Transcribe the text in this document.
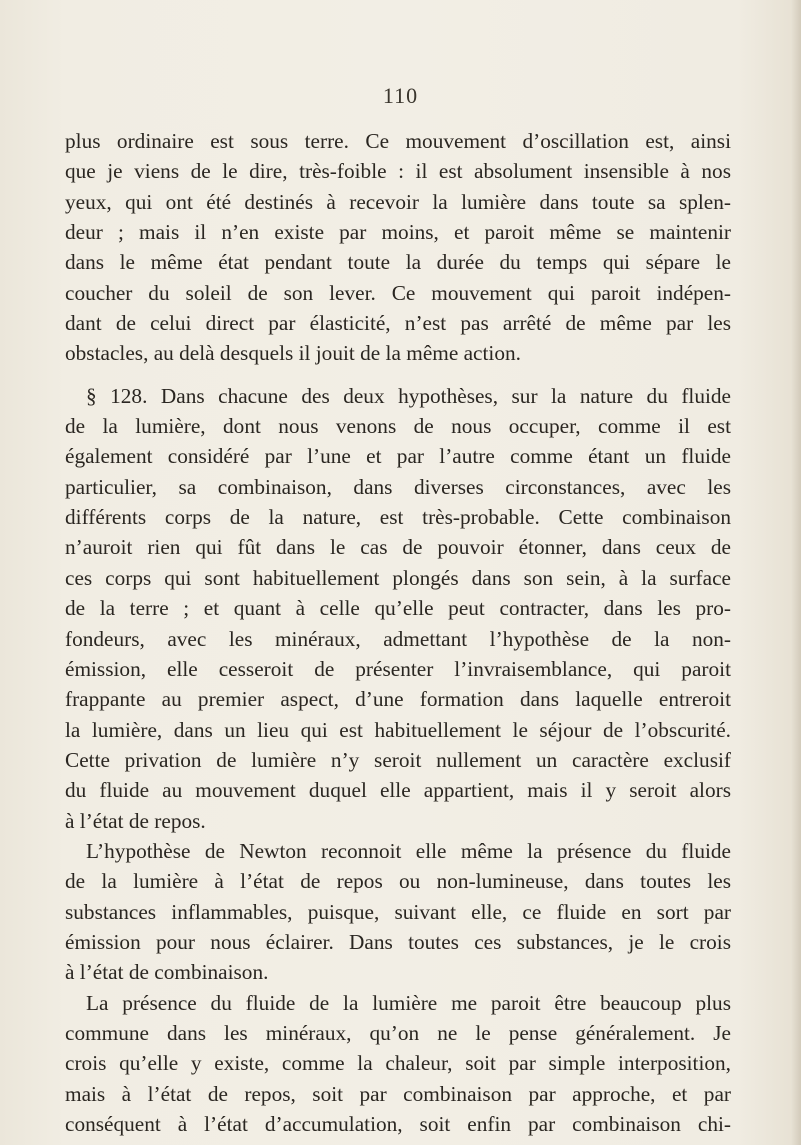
110
plus ordinaire est sous terre. Ce mouvement d’oscillation est, ainsi
que je viens de le dire, très-foible : il est absolument insensible à nos
yeux, qui ont été destinés à recevoir la lumière dans toute sa splen-
deur ; mais il n’en existe par moins, et paroit même se maintenir
dans le même état pendant toute la durée du temps qui sépare le
coucher du soleil de son lever. Ce mouvement qui paroit indépen-
dant de celui direct par élasticité, n’est pas arrêté de même par les
obstacles, au delà desquels il jouit de la même action.
§ 128. Dans chacune des deux hypothèses, sur la nature du fluide
de la lumière, dont nous venons de nous occuper, comme il est
également considéré par l’une et par l’autre comme étant un fluide
particulier, sa combinaison, dans diverses circonstances, avec les
différents corps de la nature, est très-probable. Cette combinaison
n’auroit rien qui fût dans le cas de pouvoir étonner, dans ceux de
ces corps qui sont habituellement plongés dans son sein, à la surface
de la terre ; et quant à celle qu’elle peut contracter, dans les pro-
fondeurs, avec les minéraux, admettant l’hypothèse de la non-
émission, elle cesseroit de présenter l’invraisemblance, qui paroit
frappante au premier aspect, d’une formation dans laquelle entreroit
la lumière, dans un lieu qui est habituellement le séjour de l’obscurité.
Cette privation de lumière n’y seroit nullement un caractère exclusif
du fluide au mouvement duquel elle appartient, mais il y seroit alors
à l’état de repos.
L’hypothèse de Newton reconnoit elle même la présence du fluide
de la lumière à l’état de repos ou non-lumineuse, dans toutes les
substances inflammables, puisque, suivant elle, ce fluide en sort par
émission pour nous éclairer. Dans toutes ces substances, je le crois
à l’état de combinaison.
La présence du fluide de la lumière me paroit être beaucoup plus
commune dans les minéraux, qu’on ne le pense généralement. Je
crois qu’elle y existe, comme la chaleur, soit par simple interposition,
mais à l’état de repos, soit par combinaison par approche, et par
conséquent à l’état d’accumulation, soit enfin par combinaison chi-
